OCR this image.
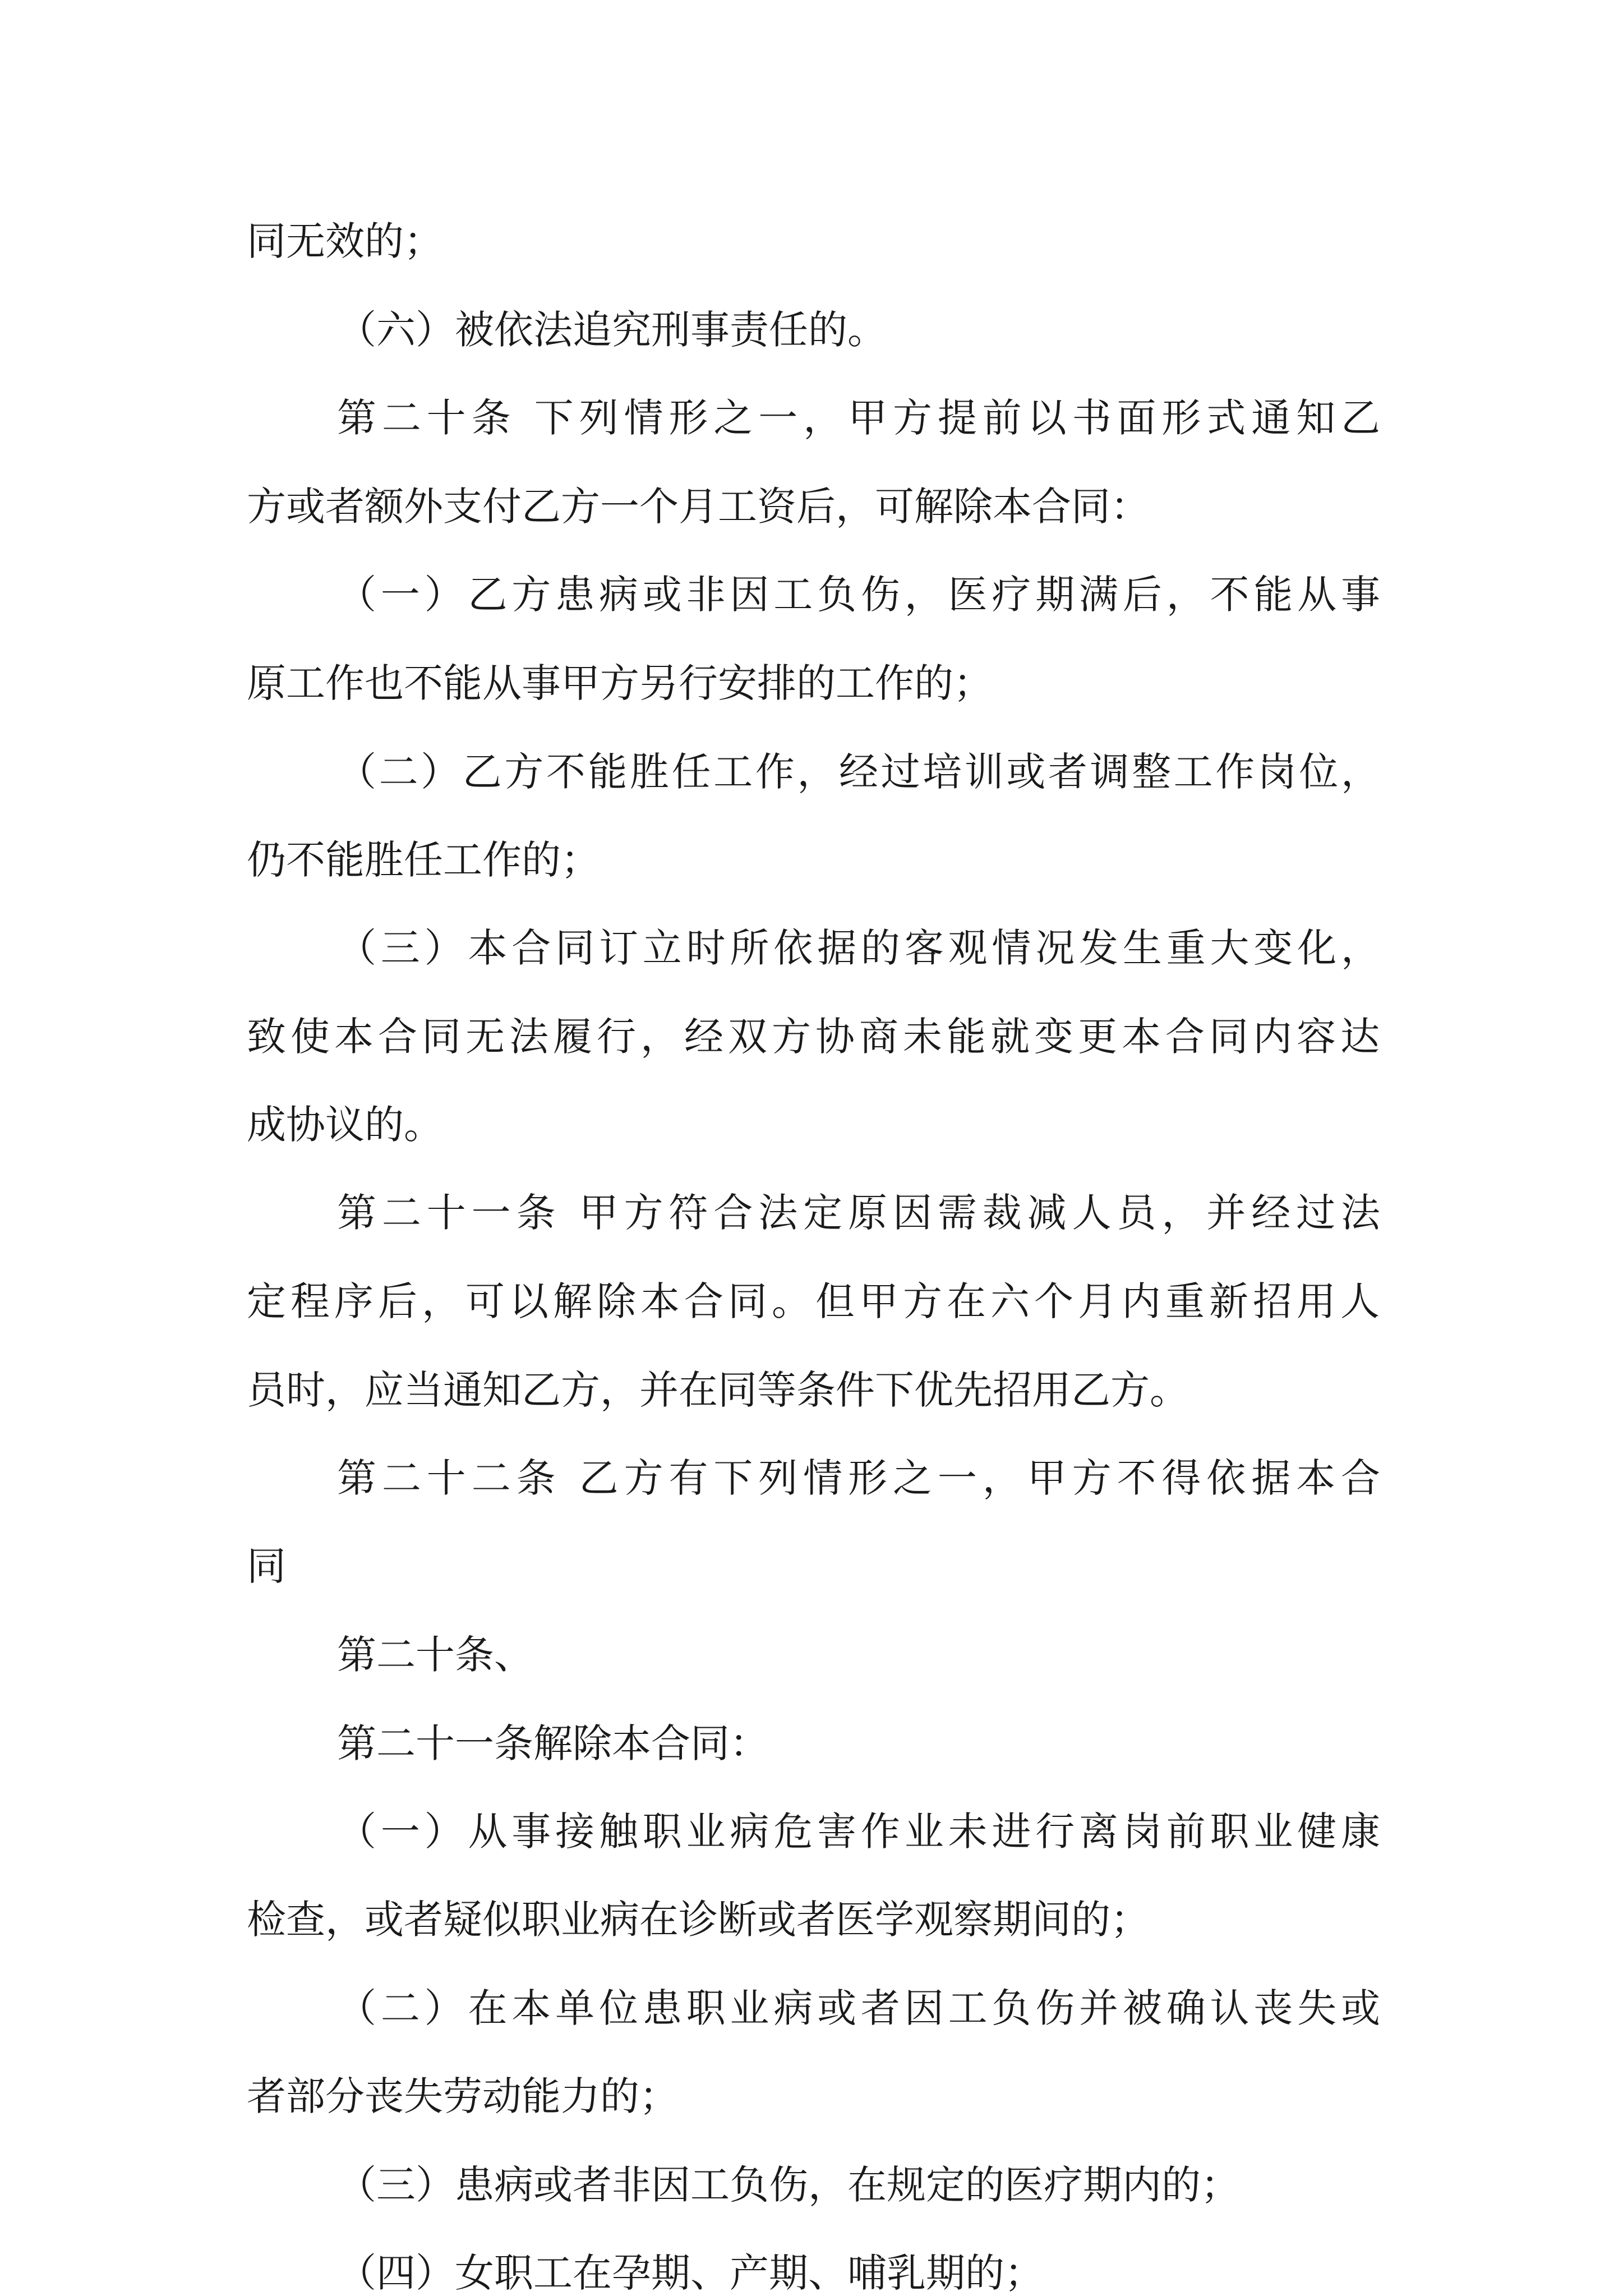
同无效的；

（六）被依法追究刑事责任的。

第二十条 下列情形之一，甲方提前以书面形式通知乙

方或者额外支付乙方一个月工资后，可解除本合同：

（一）乙方患病或非因工负伤，医疗期满后，不能从事

原工作也不能从事甲方另行安排的工作的；

（二）乙方不能胜任工作，经过培训或者调整工作岗位，

仍不能胜任工作的；

（三）本合同订立时所依据的客观情况发生重大变化，

致使本合同无法履行，经双方协商未能就变更本合同内容达

成协议的。

第二十一条 甲方符合法定原因需裁减人员，并经过法

定程序后，可以解除本合同。但甲方在六个月内重新招用人

员时，应当通知乙方，并在同等条件下优先招用乙方。

第二十二条 乙方有下列情形之一，甲方不得依据本合

同

第二十条、

第二十一条解除本合同：

（一）从事接触职业病危害作业未进行离岗前职业健康

检查，或者疑似职业病在诊断或者医学观察期间的；

（二）在本单位患职业病或者因工负伤并被确认丧失或

者部分丧失劳动能力的；

（三）患病或者非因工负伤，在规定的医疗期内的；

（四）女职工在孕期、产期、哺乳期的；
